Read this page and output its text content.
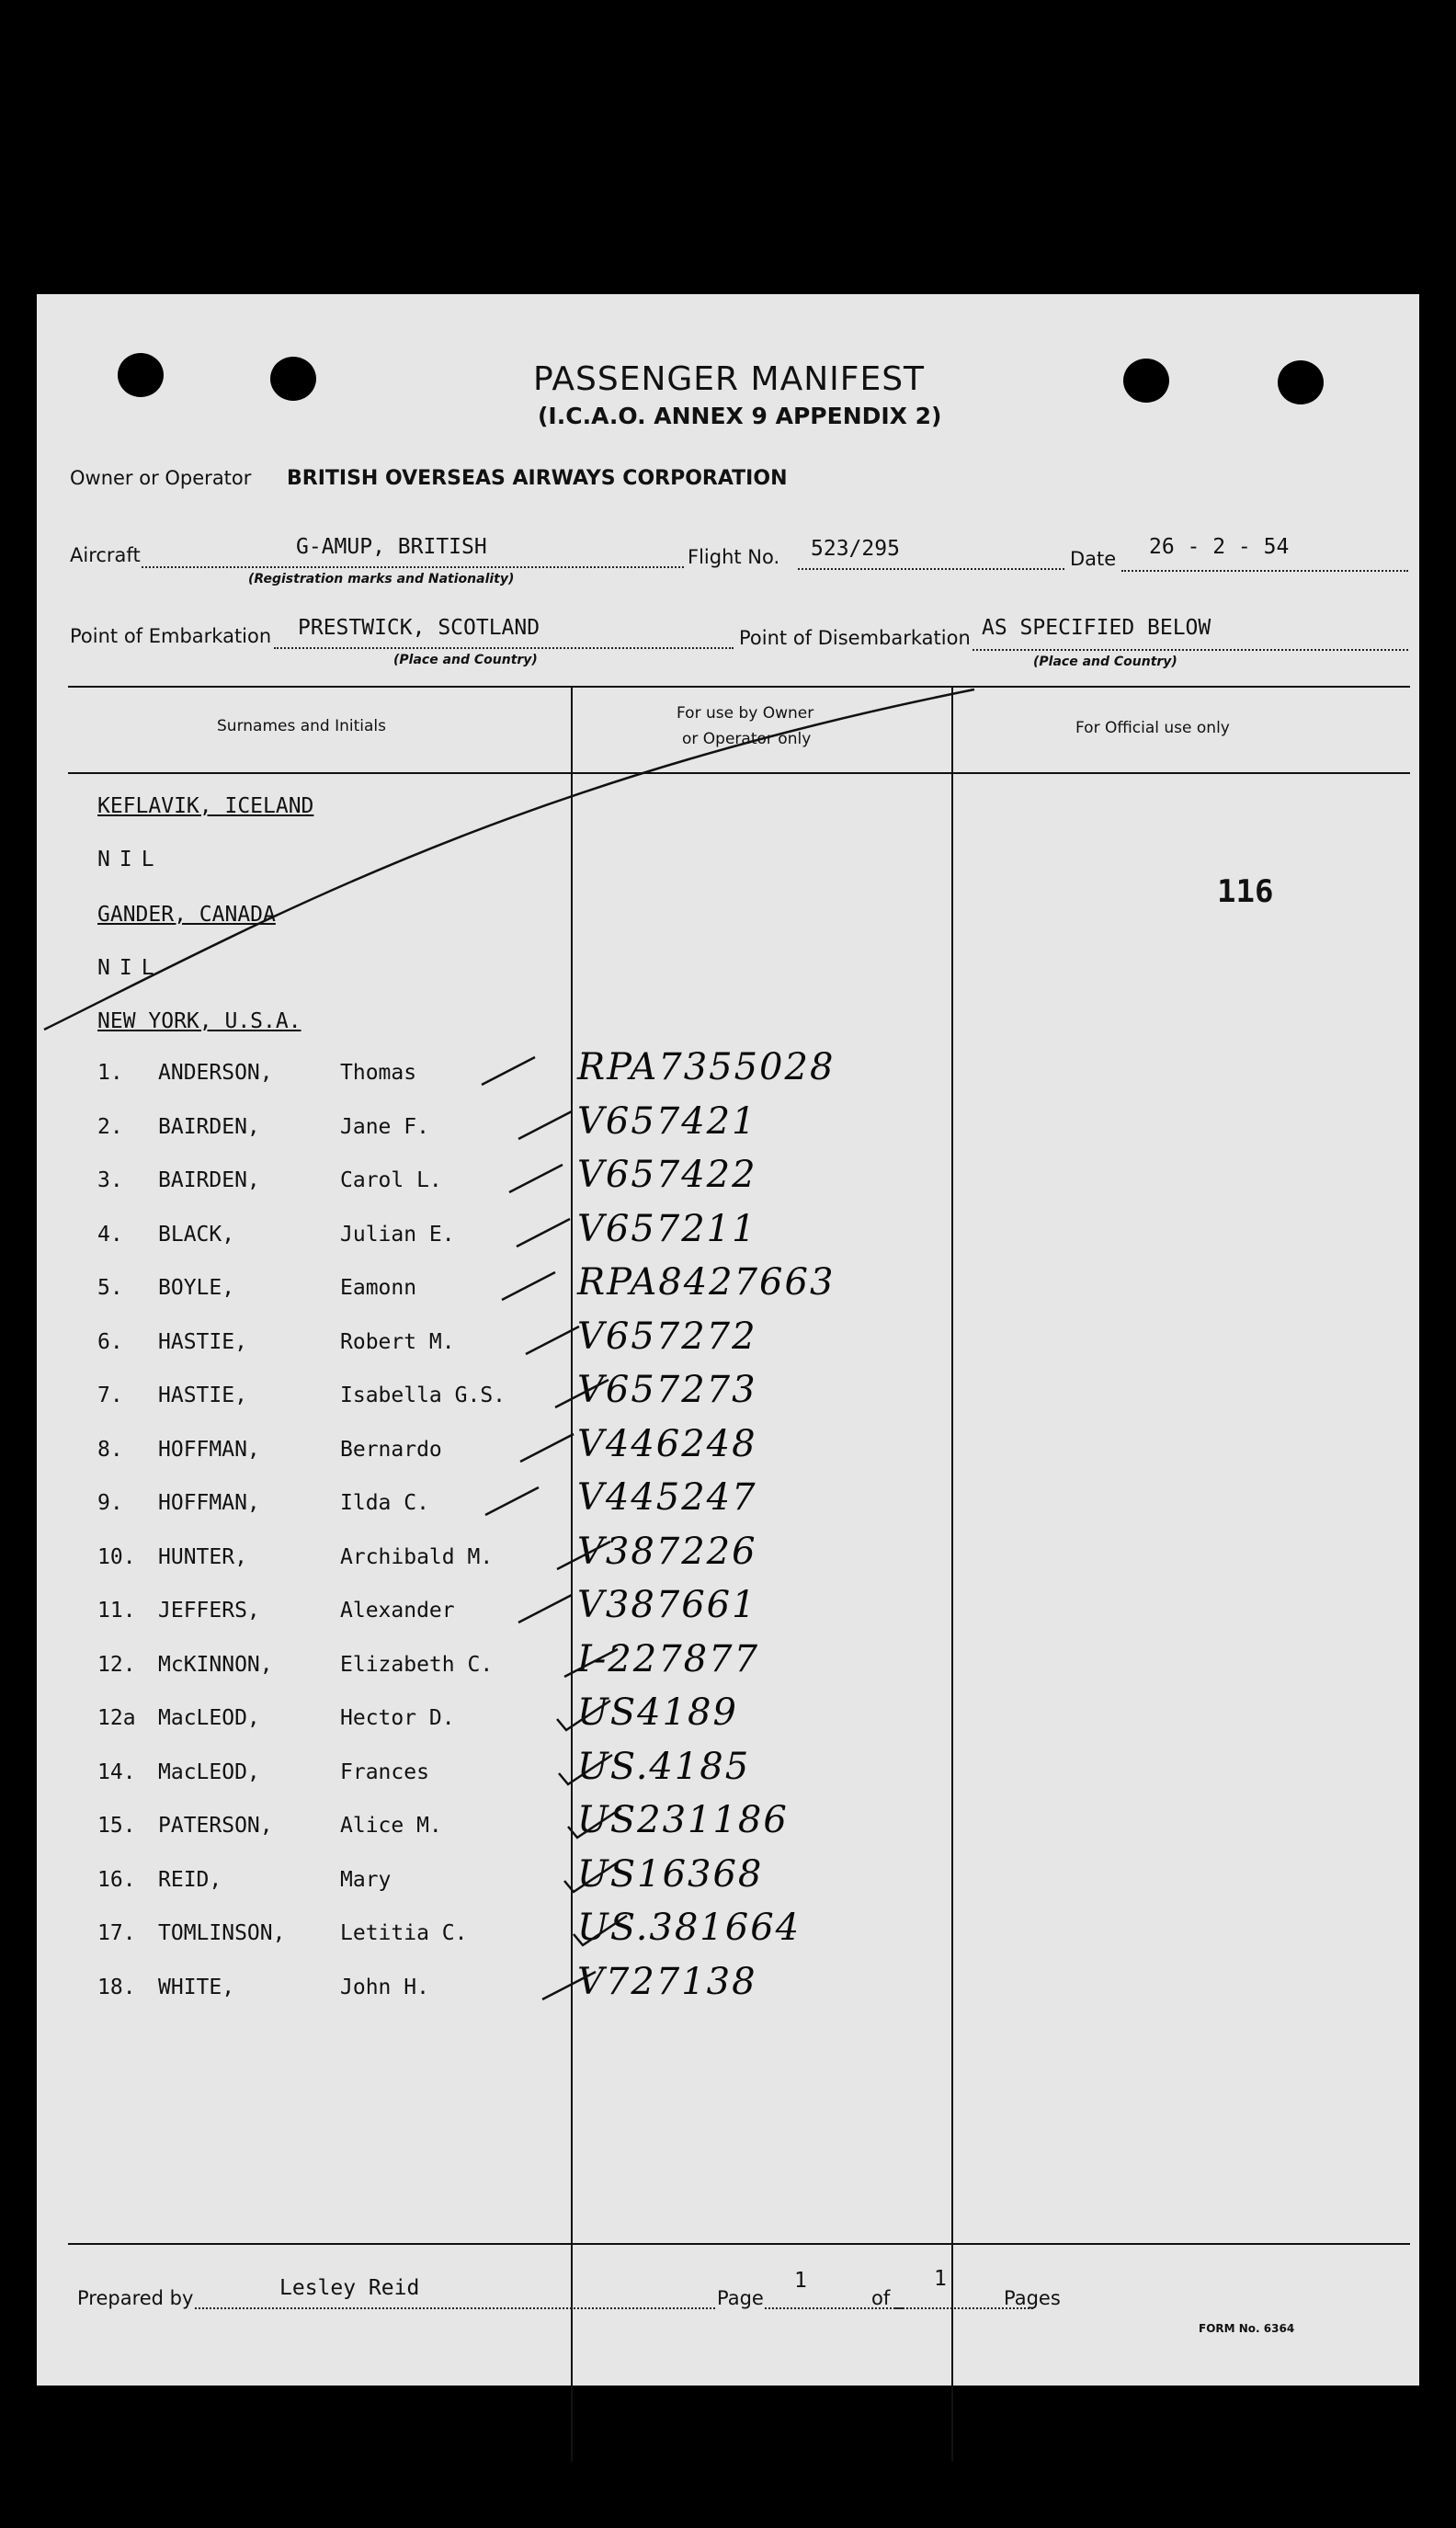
PASSENGER MANIFEST
(I.C.A.O. ANNEX 9 APPENDIX 2)
Owner or Operator BRITISH OVERSEAS AIRWAYS CORPORATION
Aircraft	G-AMUP, BRITISH
(Registration marks and Nationality)
Flight No. 523/295	Date 26 - 2 - 54
Point of Embarkation PRESTWICK, SCOTLAND
(Place and Country)
Point of Disembarkation AS SPECIFIED BELOW
(Place and Country)
Surnames and Initials
For use by Owner
or Operator only
For Official use only
KEFLAVIK, ICELAND
NIL
GANDER, CANADA
NIL
NEW YORK, U.S.A.
116
1. ANDERSON,	Thomas	RPA7355028
2. BAIRDEN,	Jane F.	V657421
3. BAIRDEN,	Carol L.	V657422
4. BLACK,	Julian E.	V657211
5. BOYLE,	Eamonn	RPA8427663
6. HASTIE,	Robert M.	V657272
7. HASTIE,	Isabella G.S. V657273
8. HOFFMAN,	Bernardo	V446248
9. HOFFMAN,	Ilda C.	V445247
10. HUNTER,	Archibald M. V387226
11. JEFFERS,	Alexander	V387661
12. McKINNON,	Elizabeth C. I-227877
12a MacLEOD,	Hector D.	US4189
14. MacLEOD,	Frances	US.4185
15. PATERSON,	Alice M.	US231186
16. REID,	Mary	US16368
17. TOMLINSON,	Letitia C.	US.381664
18. WHITE,	John H.	V727138
Prepared by	Lesley Reid	Page
1
of
1
Pages
FORM No. 6364
